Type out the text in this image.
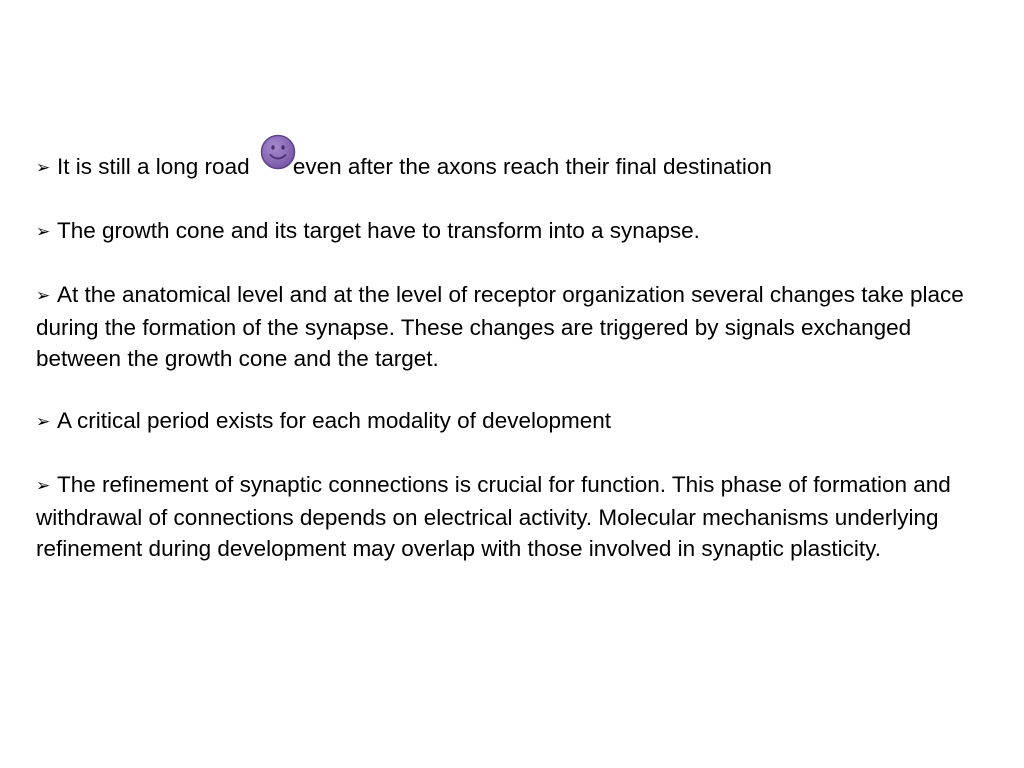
➢ It is still a long road
even after the axons reach their final destination

➢ The growth cone and its target have to transform into a synapse.

➢ At the anatomical level and at the level of receptor organization several changes take place during the formation of the synapse. These changes are triggered by signals exchanged between the growth cone and the target.

➢ A critical period exists for each modality of development

➢ The refinement of synaptic connections is crucial for function. This phase of formation and withdrawal of connections depends on electrical activity. Molecular mechanisms underlying refinement during development may overlap with those involved in synaptic plasticity.
